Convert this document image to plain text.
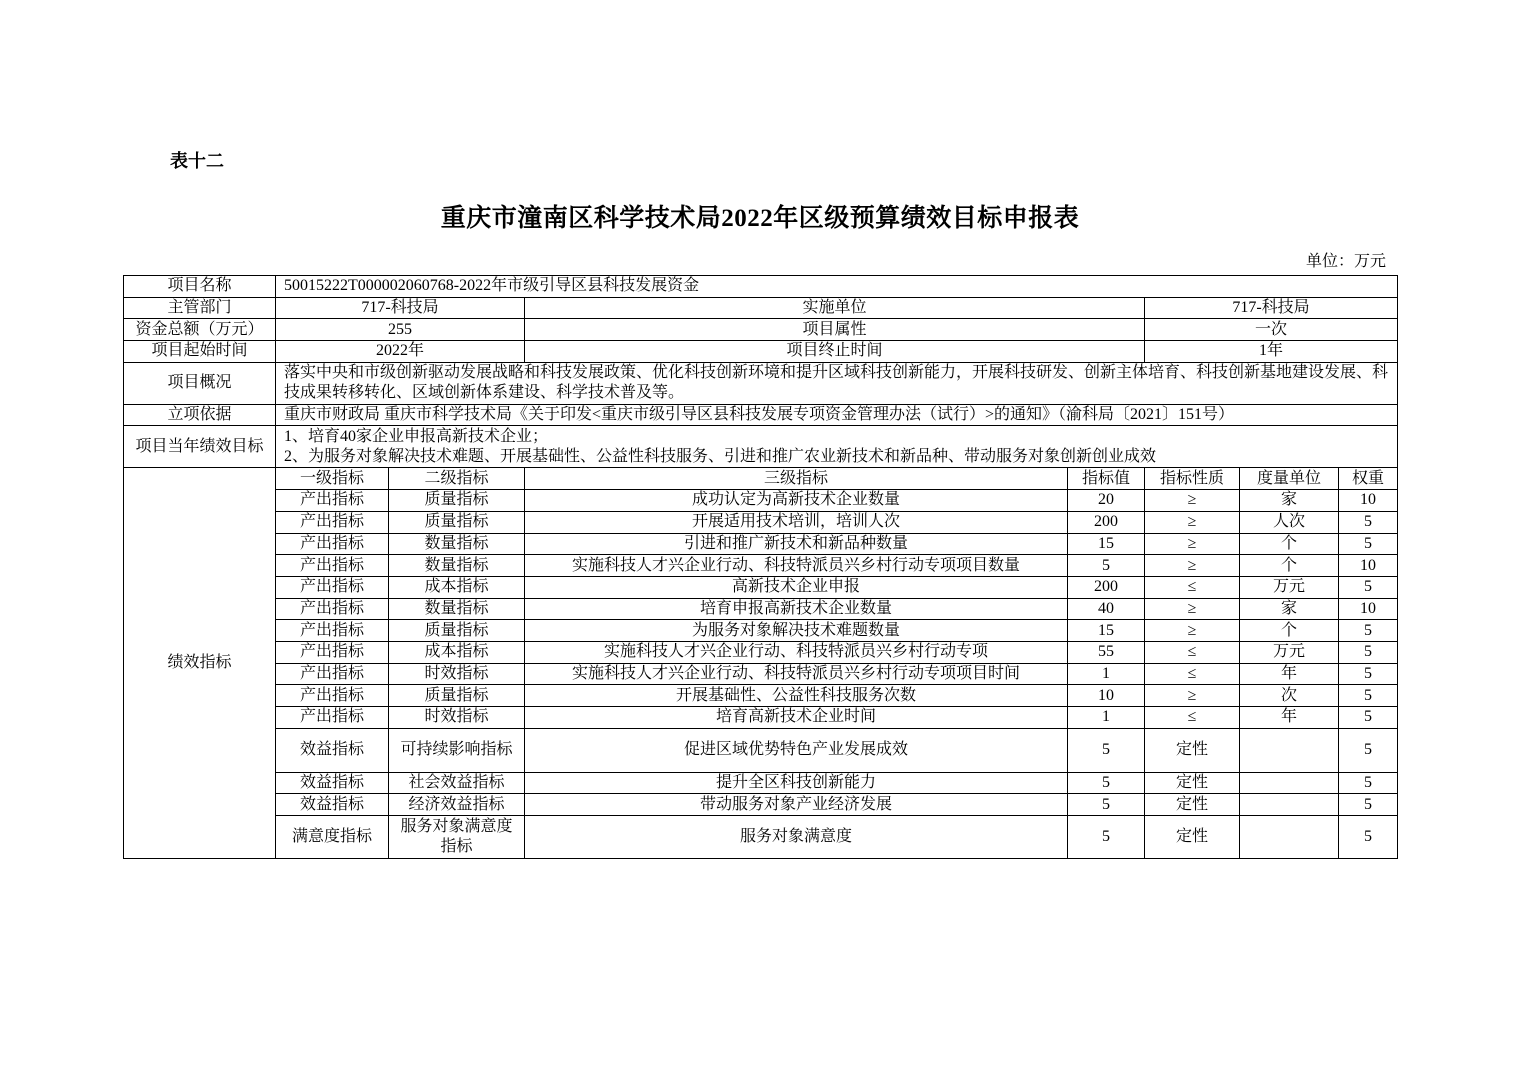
表十二
重庆市潼南区科学技术局2022年区级预算绩效目标申报表
单位：万元
项目名称	50015222T000002060768-2022年市级引导区县科技发展资金						
主管部门	717-科技局		实施单位		717-科技局		
资金总额（万元）	255		项目属性		一次		
项目起始时间	2022年		项目终止时间		1年		
项目概况	落实中央和市级创新驱动发展战略和科技发展政策、优化科技创新环境和提升区域科技创新能力，开展科技研发、创新主体培育、科技创新基地建设发展、科技成果转移转化、区域创新体系建设、科学技术普及等。						
立项依据	重庆市财政局 重庆市科学技术局《关于印发<重庆市级引导区县科技发展专项资金管理办法（试行）>的通知》（渝科局〔2021〕151号）						
项目当年绩效目标	1、培育40家企业申报高新技术企业；
2、为服务对象解决技术难题、开展基础性、公益性科技服务、引进和推广农业新技术和新品种、带动服务对象创新创业成效						

绩效指标	一级指标	二级指标	三级指标	指标值	指标性质	度量单位	权重
	产出指标	质量指标	成功认定为高新技术企业数量	20	≥	家	10
	产出指标	质量指标	开展适用技术培训，培训人次	200	≥	人次	5
	产出指标	数量指标	引进和推广新技术和新品种数量	15	≥	个	5
	产出指标	数量指标	实施科技人才兴企业行动、科技特派员兴乡村行动专项项目数量	5	≥	个	10
	产出指标	成本指标	高新技术企业申报	200	≤	万元	5
	产出指标	数量指标	培育申报高新技术企业数量	40	≥	家	10
	产出指标	质量指标	为服务对象解决技术难题数量	15	≥	个	5
	产出指标	成本指标	实施科技人才兴企业行动、科技特派员兴乡村行动专项	55	≤	万元	5
	产出指标	时效指标	实施科技人才兴企业行动、科技特派员兴乡村行动专项项目时间	1	≤	年	5
	产出指标	质量指标	开展基础性、公益性科技服务次数	10	≥	次	5
	产出指标	时效指标	培育高新技术企业时间	1	≤	年	5
	效益指标	可持续影响指标	促进区域优势特色产业发展成效	5	定性		5
	效益指标	社会效益指标	提升全区科技创新能力	5	定性		5
	效益指标	经济效益指标	带动服务对象产业经济发展	5	定性		5
	满意度指标	服务对象满意度指标	服务对象满意度	5	定性		5
